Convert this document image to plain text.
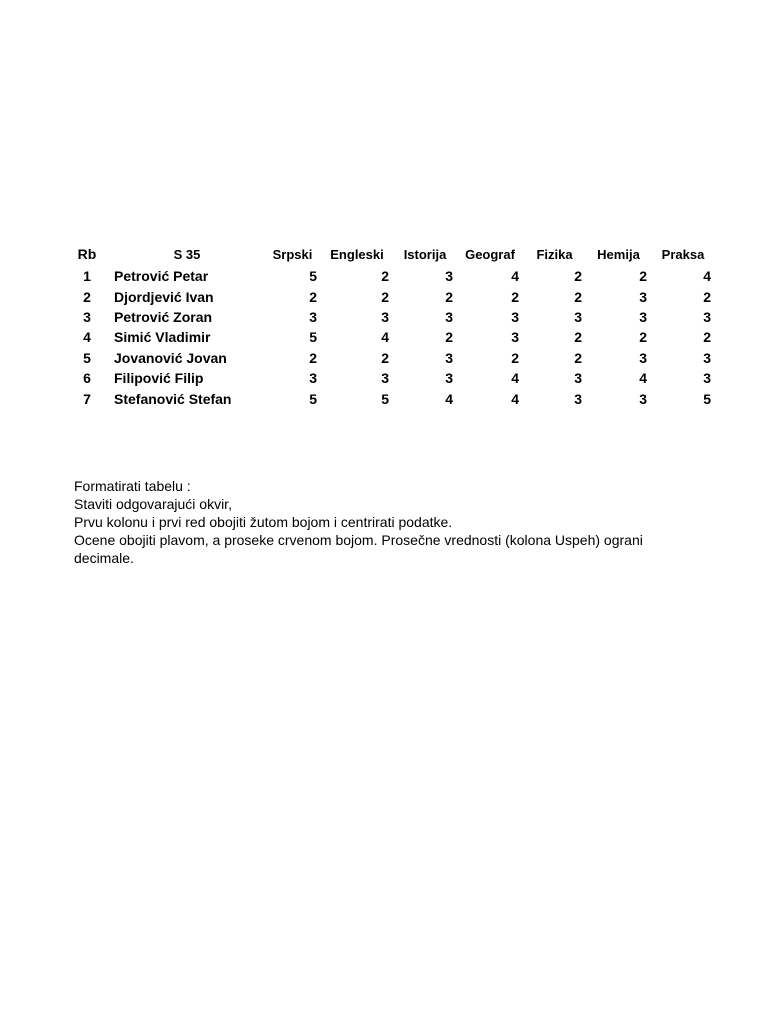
Rb	S 35	Srpski	Engleski	Istorija	Geograf	Fizika	Hemija	Praksa
1	Petrović Petar	5	2	3	4	2	2	4
2	Djordjević Ivan	2	2	2	2	2	3	2
3	Petrović Zoran	3	3	3	3	3	3	3
4	Simić Vladimir	5	4	2	3	2	2	2
5	Jovanović Jovan	2	2	3	2	2	3	3
6	Filipović Filip	3	3	3	4	3	4	3
7	Stefanović Stefan	5	5	4	4	3	3	5
Formatirati tabelu :
Staviti odgovarajući okvir,
Prvu kolonu i prvi red obojiti žutom bojom i centrirati podatke.
Ocene obojiti plavom, a proseke crvenom bojom. Prosečne vrednosti (kolona Uspeh) ograni
decimale.
